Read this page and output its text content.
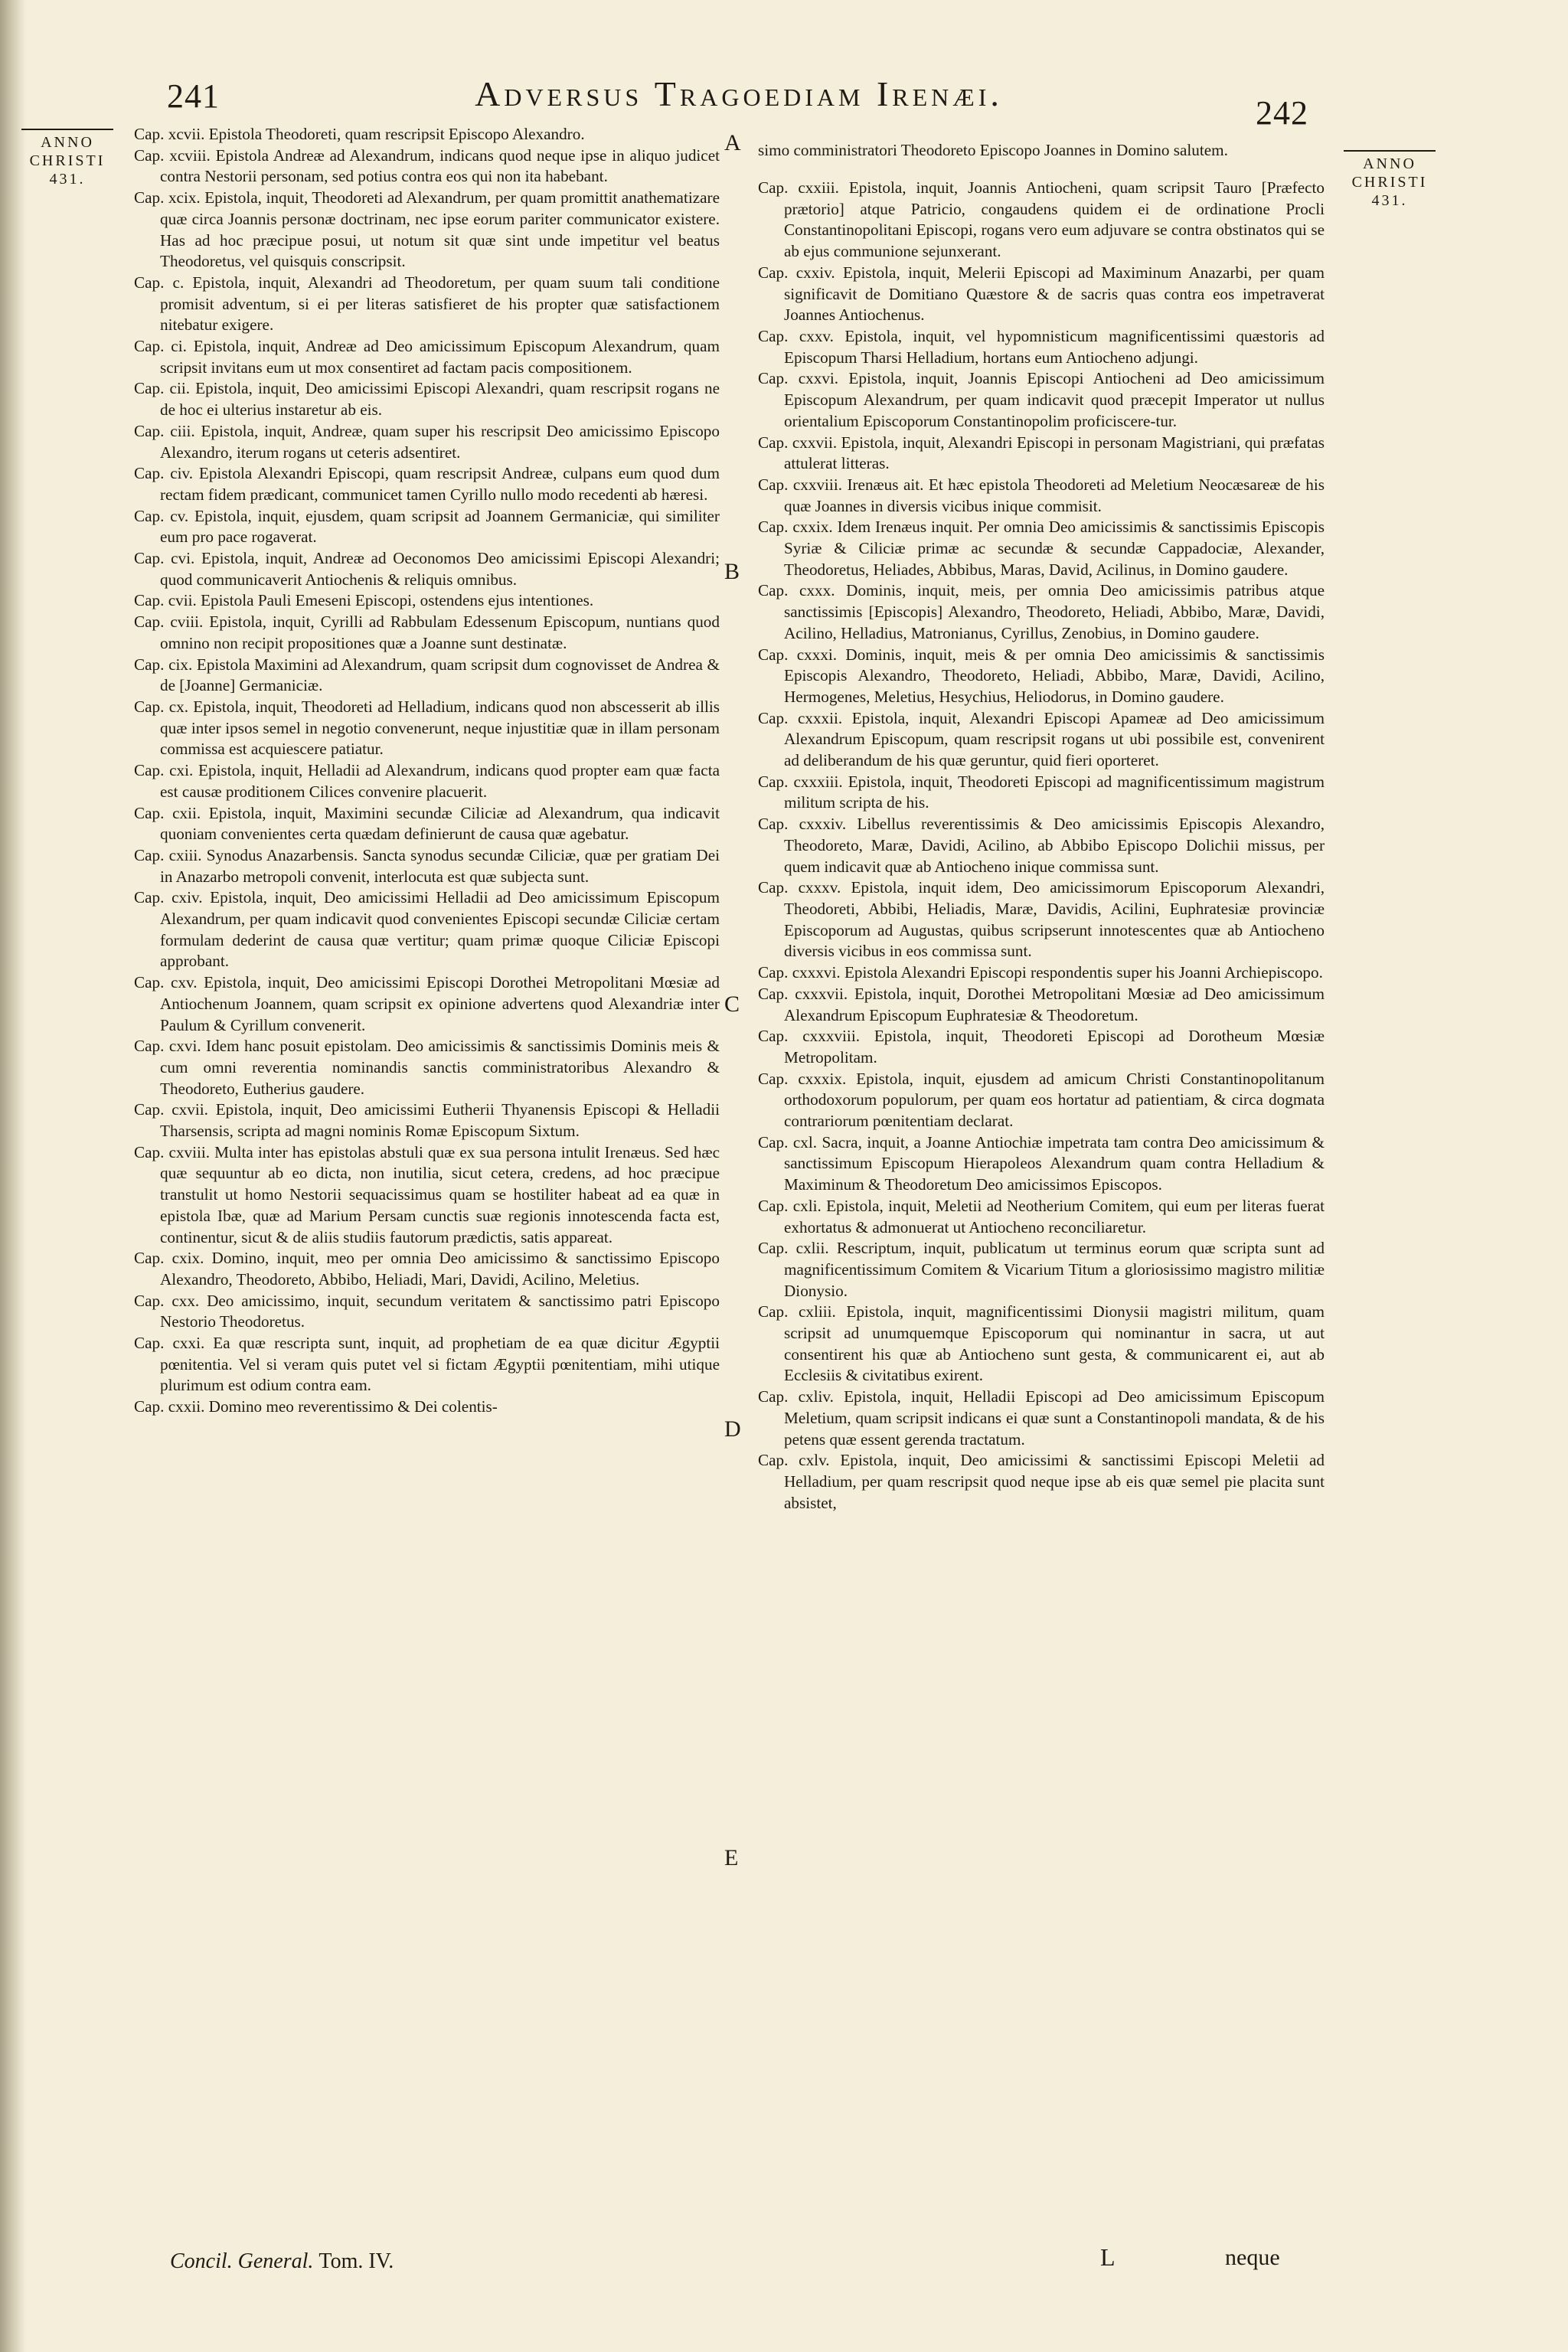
241	Adversus Tragoediam Irenæi.	242
ANNO
CHRISTI
431.
ANNO
CHRISTI
431.
A
B
C
D
E

Cap. xcvii. Epistola Theodoreti, quam rescripsit Episcopo Alexandro.

Cap. xcviii. Epistola Andreæ ad Alexandrum, indicans quod neque ipse in aliquo judicet contra Nestorii personam, sed potius contra eos qui non ita habebant.

Cap. xcix. Epistola, inquit, Theodoreti ad Alexandrum, per quam promittit anathematizare quæ circa Joannis personæ doctrinam, nec ipse eorum pariter communicator existere. Has ad hoc præcipue posui, ut notum sit quæ sint unde impetitur vel beatus Theodoretus, vel quisquis conscripsit.

Cap. c. Epistola, inquit, Alexandri ad Theodoretum, per quam suum tali conditione promisit adventum, si ei per literas satisfieret de his propter quæ satisfactionem nitebatur exigere.

Cap. ci. Epistola, inquit, Andreæ ad Deo amicissimum Episcopum Alexandrum, quam scripsit invitans eum ut mox consentiret ad factam pacis compositionem.

Cap. cii. Epistola, inquit, Deo amicissimi Episcopi Alexandri, quam rescripsit rogans ne de hoc ei ulterius instaretur ab eis.

Cap. ciii. Epistola, inquit, Andreæ, quam super his rescripsit Deo amicissimo Episcopo Alexandro, iterum rogans ut ceteris adsentiret.

Cap. civ. Epistola Alexandri Episcopi, quam rescripsit Andreæ, culpans eum quod dum rectam fidem prædicant, communicet tamen Cyrillo nullo modo recedenti ab hæresi.

Cap. cv. Epistola, inquit, ejusdem, quam scripsit ad Joannem Germaniciæ, qui similiter eum pro pace rogaverat.

Cap. cvi. Epistola, inquit, Andreæ ad Oeconomos Deo amicissimi Episcopi Alexandri; quod communicaverit Antiochenis & reliquis omnibus.

Cap. cvii. Epistola Pauli Emeseni Episcopi, ostendens ejus intentiones.

Cap. cviii. Epistola, inquit, Cyrilli ad Rabbulam Edessenum Episcopum, nuntians quod omnino non recipit propositiones quæ a Joanne sunt destinatæ.

Cap. cix. Epistola Maximini ad Alexandrum, quam scripsit dum cognovisset de Andrea & de [Joanne] Germaniciæ.

Cap. cx. Epistola, inquit, Theodoreti ad Helladium, indicans quod non abscesserit ab illis quæ inter ipsos semel in negotio convenerunt, neque injustitiæ quæ in illam personam commissa est acquiescere patiatur.

Cap. cxi. Epistola, inquit, Helladii ad Alexandrum, indicans quod propter eam quæ facta est causæ proditionem Cilices convenire placuerit.

Cap. cxii. Epistola, inquit, Maximini secundæ Ciliciæ ad Alexandrum, qua indicavit quoniam convenientes certa quædam definierunt de causa quæ agebatur.

Cap. cxiii. Synodus Anazarbensis. Sancta synodus secundæ Ciliciæ, quæ per gratiam Dei in Anazarbo metropoli convenit, interlocuta est quæ subjecta sunt.

Cap. cxiv. Epistola, inquit, Deo amicissimi Helladii ad Deo amicissimum Episcopum Alexandrum, per quam indicavit quod convenientes Episcopi secundæ Ciliciæ certam formulam dederint de causa quæ vertitur; quam primæ quoque Ciliciæ Episcopi approbant.

Cap. cxv. Epistola, inquit, Deo amicissimi Episcopi Dorothei Metropolitani Mœsiæ ad Antiochenum Joannem, quam scripsit ex opinione advertens quod Alexandriæ inter Paulum & Cyrillum convenerit.

Cap. cxvi. Idem hanc posuit epistolam. Deo amicissimis & sanctissimis Dominis meis & cum omni reverentia nominandis sanctis comministratoribus Alexandro & Theodoreto, Eutherius gaudere.

Cap. cxvii. Epistola, inquit, Deo amicissimi Eutherii Thyanensis Episcopi & Helladii Tharsensis, scripta ad magni nominis Romæ Episcopum Sixtum.

Cap. cxviii. Multa inter has epistolas abstuli quæ ex sua persona intulit Irenæus. Sed hæc quæ sequuntur ab eo dicta, non inutilia, sicut cetera, credens, ad hoc præcipue transtulit ut homo Nestorii sequacissimus quam se hostiliter habeat ad ea quæ in epistola Ibæ, quæ ad Marium Persam cunctis suæ regionis innotescenda facta est, continentur, sicut & de aliis studiis fautorum prædictis, satis appareat.

Cap. cxix. Domino, inquit, meo per omnia Deo amicissimo & sanctissimo Episcopo Alexandro, Theodoreto, Abbibo, Heliadi, Mari, Davidi, Acilino, Meletius.

Cap. cxx. Deo amicissimo, inquit, secundum veritatem & sanctissimo patri Episcopo Nestorio Theodoretus.

Cap. cxxi. Ea quæ rescripta sunt, inquit, ad prophetiam de ea quæ dicitur Ægyptii pœnitentia. Vel si veram quis putet vel si fictam Ægyptii pœnitentiam, mihi utique plurimum est odium contra eam.

Cap. cxxii. Domino meo reverentissimo & Dei colentis-

simo comministratori Theodoreto Episcopo Joannes in Domino salutem.

Cap. cxxiii. Epistola, inquit, Joannis Antiocheni, quam scripsit Tauro [Præfecto prætorio] atque Patricio, congaudens quidem ei de ordinatione Procli Constantinopolitani Episcopi, rogans vero eum adjuvare se contra obstinatos qui se ab ejus communione sejunxerant.

Cap. cxxiv. Epistola, inquit, Melerii Episcopi ad Maximinum Anazarbi, per quam significavit de Domitiano Quæstore & de sacris quas contra eos impetraverat Joannes Antiochenus.

Cap. cxxv. Epistola, inquit, vel hypomnisticum magnificentissimi quæstoris ad Episcopum Tharsi Helladium, hortans eum Antiocheno adjungi.

Cap. cxxvi. Epistola, inquit, Joannis Episcopi Antiocheni ad Deo amicissimum Episcopum Alexandrum, per quam indicavit quod præcepit Imperator ut nullus orientalium Episcoporum Constantinopolim proficiscere-tur.

Cap. cxxvii. Epistola, inquit, Alexandri Episcopi in personam Magistriani, qui præfatas attulerat litteras.

Cap. cxxviii. Irenæus ait. Et hæc epistola Theodoreti ad Meletium Neocæsareæ de his quæ Joannes in diversis vicibus inique commisit.

Cap. cxxix. Idem Irenæus inquit. Per omnia Deo amicissimis & sanctissimis Episcopis Syriæ & Ciliciæ primæ ac secundæ & secundæ Cappadociæ, Alexander, Theodoretus, Heliades, Abbibus, Maras, David, Acilinus, in Domino gaudere.

Cap. cxxx. Dominis, inquit, meis, per omnia Deo amicissimis patribus atque sanctissimis [Episcopis] Alexandro, Theodoreto, Heliadi, Abbibo, Maræ, Davidi, Acilino, Helladius, Matronianus, Cyrillus, Zenobius, in Domino gaudere.

Cap. cxxxi. Dominis, inquit, meis & per omnia Deo amicissimis & sanctissimis Episcopis Alexandro, Theodoreto, Heliadi, Abbibo, Maræ, Davidi, Acilino, Hermogenes, Meletius, Hesychius, Heliodorus, in Domino gaudere.

Cap. cxxxii. Epistola, inquit, Alexandri Episcopi Apameæ ad Deo amicissimum Alexandrum Episcopum, quam rescripsit rogans ut ubi possibile est, convenirent ad deliberandum de his quæ geruntur, quid fieri oporteret.

Cap. cxxxiii. Epistola, inquit, Theodoreti Episcopi ad magnificentissimum magistrum militum scripta de his.

Cap. cxxxiv. Libellus reverentissimis & Deo amicissimis Episcopis Alexandro, Theodoreto, Maræ, Davidi, Acilino, ab Abbibo Episcopo Dolichii missus, per quem indicavit quæ ab Antiocheno inique commissa sunt.

Cap. cxxxv. Epistola, inquit idem, Deo amicissimorum Episcoporum Alexandri, Theodoreti, Abbibi, Heliadis, Maræ, Davidis, Acilini, Euphratesiæ provinciæ Episcoporum ad Augustas, quibus scripserunt innotescentes quæ ab Antiocheno diversis vicibus in eos commissa sunt.

Cap. cxxxvi. Epistola Alexandri Episcopi respondentis super his Joanni Archiepiscopo.

Cap. cxxxvii. Epistola, inquit, Dorothei Metropolitani Mœsiæ ad Deo amicissimum Alexandrum Episcopum Euphratesiæ & Theodoretum.

Cap. cxxxviii. Epistola, inquit, Theodoreti Episcopi ad Dorotheum Mœsiæ Metropolitam.

Cap. cxxxix. Epistola, inquit, ejusdem ad amicum Christi Constantinopolitanum orthodoxorum populorum, per quam eos hortatur ad patientiam, & circa dogmata contrariorum pœnitentiam declarat.

Cap. cxl. Sacra, inquit, a Joanne Antiochiæ impetrata tam contra Deo amicissimum & sanctissimum Episcopum Hierapoleos Alexandrum quam contra Helladium & Maximinum & Theodoretum Deo amicissimos Episcopos.

Cap. cxli. Epistola, inquit, Meletii ad Neotherium Comitem, qui eum per literas fuerat exhortatus & admonuerat ut Antiocheno reconciliaretur.

Cap. cxlii. Rescriptum, inquit, publicatum ut terminus eorum quæ scripta sunt ad magnificentissimum Comitem & Vicarium Titum a gloriosissimo magistro militiæ Dionysio.

Cap. cxliii. Epistola, inquit, magnificentissimi Dionysii magistri militum, quam scripsit ad unumquemque Episcoporum qui nominantur in sacra, ut aut consentirent his quæ ab Antiocheno sunt gesta, & communicarent ei, aut ab Ecclesiis & civitatibus exirent.

Cap. cxliv. Epistola, inquit, Helladii Episcopi ad Deo amicissimum Episcopum Meletium, quam scripsit indicans ei quæ sunt a Constantinopoli mandata, & de his petens quæ essent gerenda tractatum.

Cap. cxlv. Epistola, inquit, Deo amicissimi & sanctissimi Episcopi Meletii ad Helladium, per quam rescripsit quod neque ipse ab eis quæ semel pie placita sunt absistet,

Concil. General. Tom. IV.	L	neque
